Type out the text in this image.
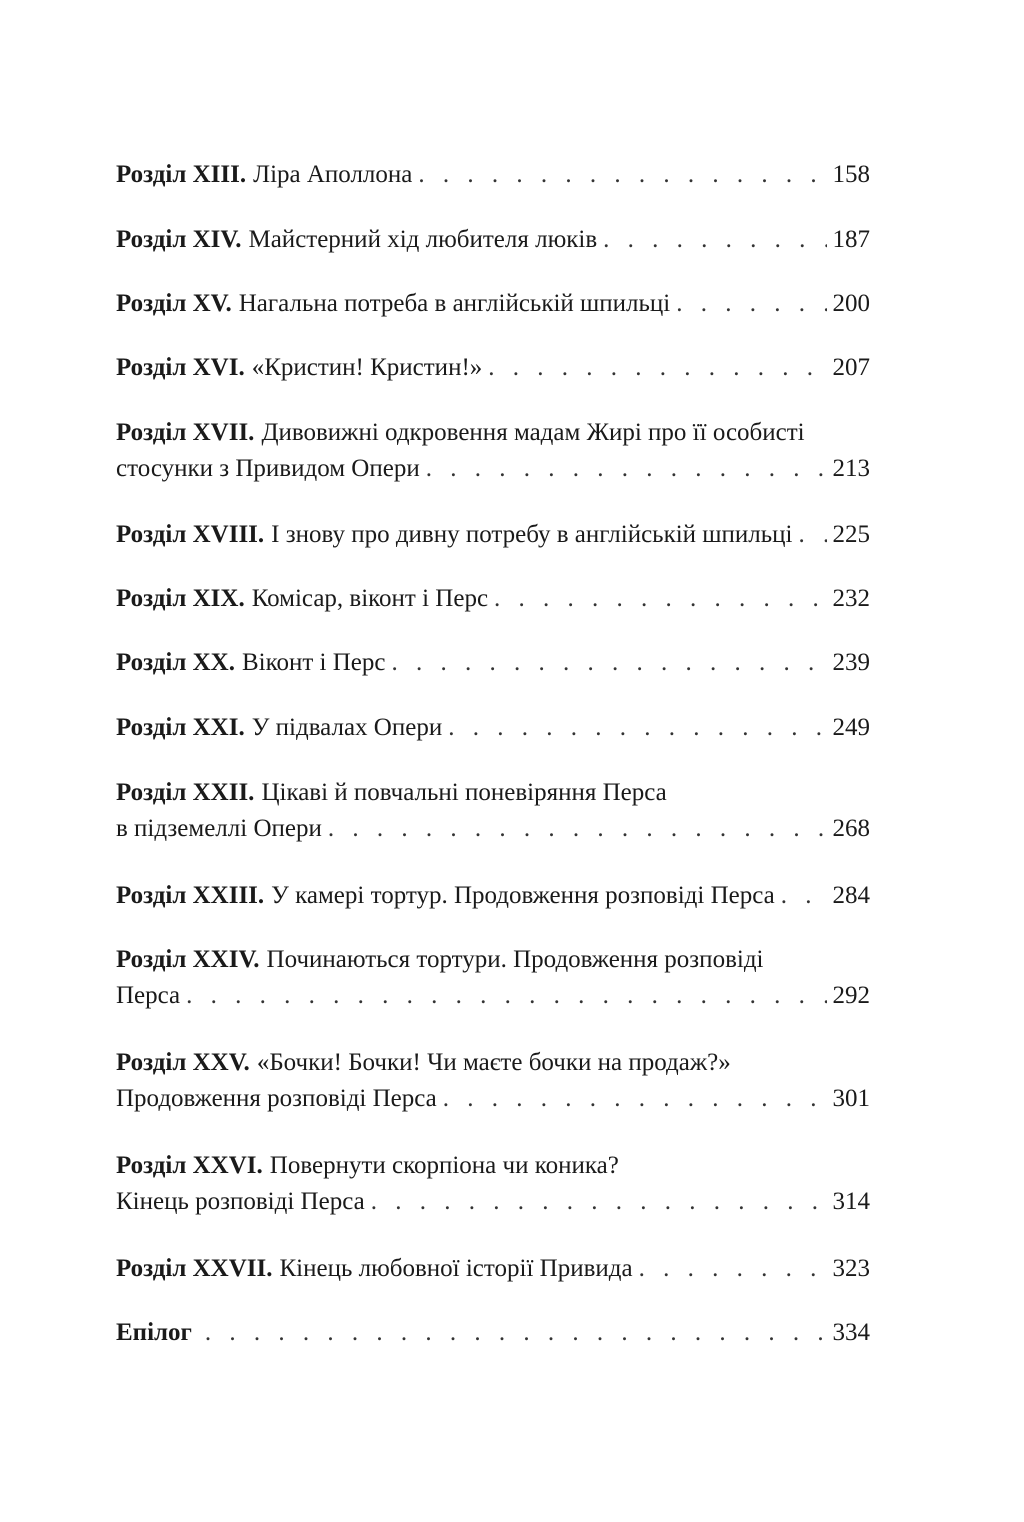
Розділ XIII. Ліра Аполлона . . .	158
Розділ XIV. Майстерний хід любителя люків . . .	187
Розділ XV. Нагальна потреба в англійській шпильці . . .	200
Розділ XVI. «Кристин! Кристин!» . . .	207
Розділ XVII. Дивовижні одкровення мадам Жирі про її особисті
стосунки з Привидом Опери . . .	213
Розділ XVIII. І знову про дивну потребу в англійській шпильці . . . 225
Розділ XIX. Комісар, віконт і Перс . . .	232
Розділ XX. Віконт і Перс . . .	239
Розділ XXI. У підвалах Опери . . .	249
Розділ XXII. Цікаві й повчальні поневіряння Перса
в підземеллі Опери . . .	268
Розділ XXIII. У камері тортур. Продовження розповіді Перса . . . 284
Розділ XXIV. Починаються тортури. Продовження розповіді
Перса . . .	292
Розділ XXV. «Бочки! Бочки! Чи маєте бочки на продаж?»
Продовження розповіді Перса . . .	301
Розділ XXVI. Повернути скорпіона чи коника?
Кінець розповіді Перса . . .	314
Розділ XXVII. Кінець любовної історії Привида . . .	323
Епілог . . .	334
